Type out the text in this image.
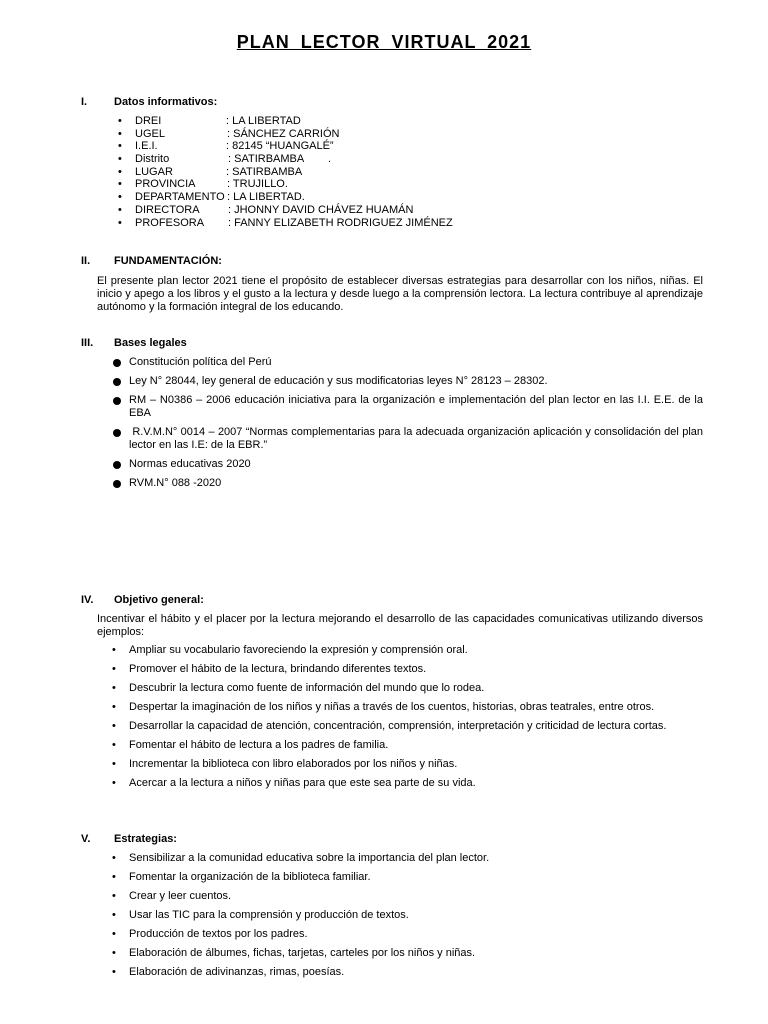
PLAN LECTOR VIRTUAL 2021
I. Datos informativos:
• DREI	: LA LIBERTAD
• UGEL	: SÁNCHEZ CARRIÓN
• I.E.I.	: 82145 “HUANGALÉ”
• Distrito	: SATIRBAMBA        .
• LUGAR	: SATIRBAMBA
• PROVINCIA	: TRUJILLO.
• DEPARTAMENTO : LA LIBERTAD.
• DIRECTORA	: JHONNY DAVID CHÁVEZ HUAMÁN
• PROFESORA : FANNY ELIZABETH RODRIGUEZ JIMÉNEZ
II. FUNDAMENTACIÓN:
El presente plan lector 2021 tiene el propósito de establecer diversas estrategias para desarrollar con los niños, niñas. El inicio y apego a los libros y el gusto a la lectura y desde luego a la comprensión lectora. La lectura contribuye al aprendizaje autónomo y la formación integral de los educando.
III. Bases legales
Constitución política del Perú
Ley N° 28044, ley general de educación y sus modificatorias leyes N° 28123 – 28302.
RM – N0386 – 2006 educación iniciativa para la organización e implementación del plan lector en las I.I. E.E. de la EBA
R.V.M.N° 0014 – 2007 “Normas complementarias para la adecuada organización aplicación y consolidación del plan lector en las I.E: de la EBR.”
Normas educativas 2020
RVM.N° 088 -2020
IV. Objetivo general:
Incentivar el hábito y el placer por la lectura mejorando el desarrollo de las capacidades comunicativas utilizando diversos ejemplos:
• Ampliar su vocabulario favoreciendo la expresión y comprensión oral.
• Promover el hábito de la lectura, brindando diferentes textos.
• Descubrir la lectura como fuente de información del mundo que lo rodea.
• Despertar la imaginación de los niños y niñas a través de los cuentos, historias, obras teatrales, entre otros.
• Desarrollar la capacidad de atención, concentración, comprensión, interpretación y criticidad de lectura cortas.
• Fomentar el hábito de lectura a los padres de familia.
• Incrementar la biblioteca con libro elaborados por los niños y niñas.
• Acercar a la lectura a niños y niñas para que este sea parte de su vida.
V. Estrategias:
• Sensibilizar a la comunidad educativa sobre la importancia del plan lector.
• Fomentar la organización de la biblioteca familiar.
• Crear y leer cuentos.
• Usar las TIC para la comprensión y producción de textos.
• Producción de textos por los padres.
• Elaboración de álbumes, fichas, tarjetas, carteles por los niños y niñas.
• Elaboración de adivinanzas, rimas, poesías.
